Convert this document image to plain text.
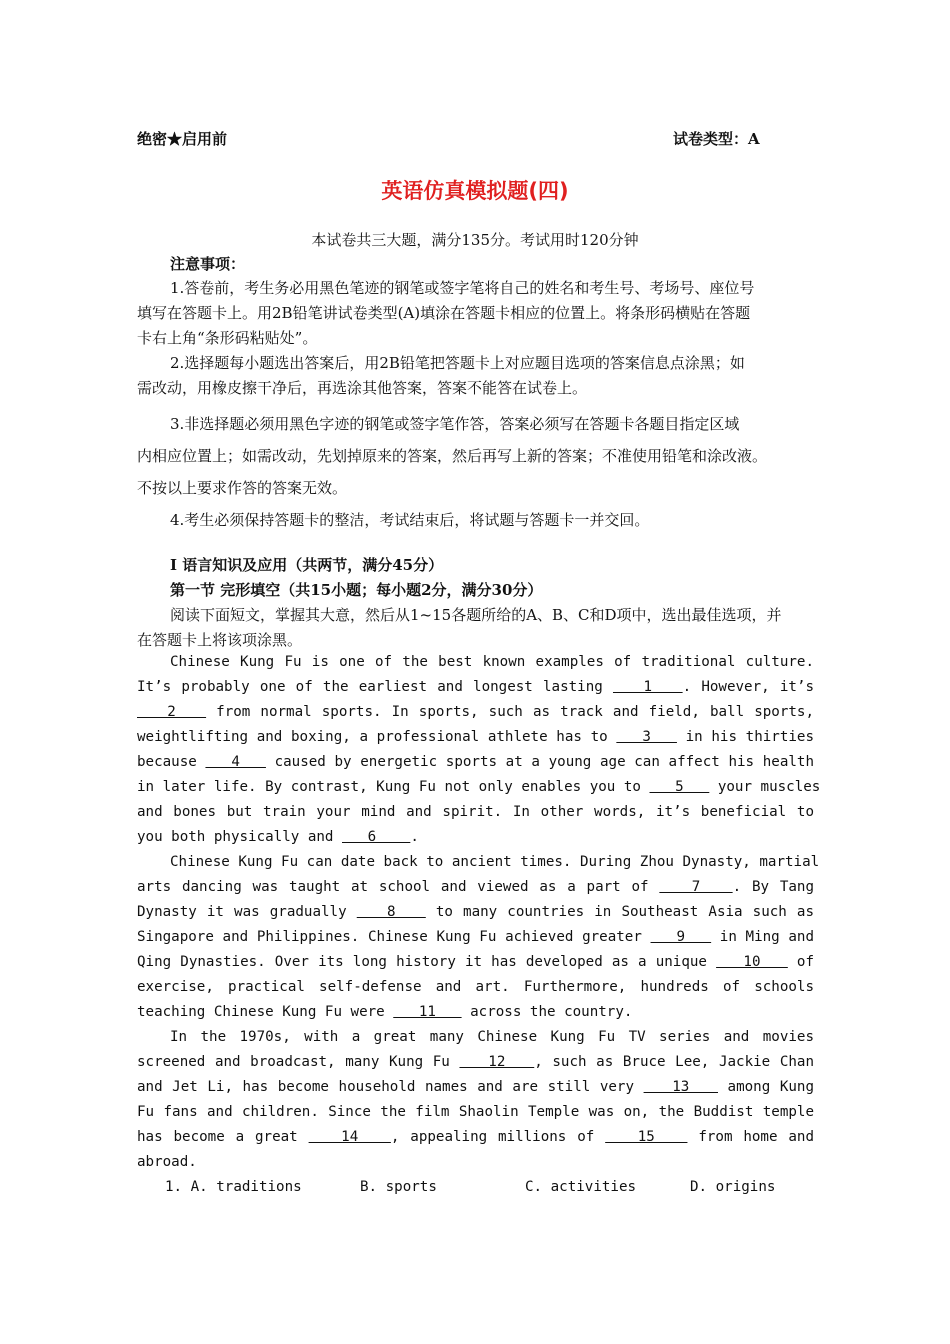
绝密★启用前	试卷类型：A
英语仿真模拟题(四)
本试卷共三大题，满分135分。考试用时120分钟
注意事项：
1.答卷前，考生务必用黑色笔迹的钢笔或签字笔将自己的姓名和考生号、考场号、座位号
填写在答题卡上。用2B铅笔讲试卷类型(A)填涂在答题卡相应的位置上。将条形码横贴在答题
卡右上角“条形码粘贴处”。
2.选择题每小题选出答案后，用2B铅笔把答题卡上对应题目选项的答案信息点涂黑；如
需改动，用橡皮擦干净后，再选涂其他答案，答案不能答在试卷上。
3.非选择题必须用黑色字迹的钢笔或签字笔作答，答案必须写在答题卡各题目指定区域
内相应位置上；如需改动，先划掉原来的答案，然后再写上新的答案；不准使用铅笔和涂改液。
不按以上要求作答的答案无效。
4.考生必须保持答题卡的整洁，考试结束后，将试题与答题卡一并交回。
I 语言知识及应用（共两节，满分45分）
第一节 完形填空（共15小题；每小题2分，满分30分）
阅读下面短文，掌握其大意，然后从1~15各题所给的A、B、C和D项中，选出最佳选项，并
在答题卡上将该项涂黑。
Chinese Kung Fu is one of the best known examples of traditional culture.
It’s probably one of the earliest and longest lasting    1   . However, it’s
2    from normal sports. In sports, such as track and field, ball sports,
weightlifting and boxing, a professional athlete has to    3    in his thirties
because    4    caused by energetic sports at a young age can affect his health
in later life. By contrast, Kung Fu not only enables you to    5    your muscles
and bones but train your mind and spirit. In other words, it’s beneficial to
you both physically and    6    .
Chinese Kung Fu can date back to ancient times. During Zhou Dynasty, martial
arts dancing was taught at school and viewed as a part of    7   . By Tang
Dynasty it was gradually    8    to many countries in Southeast Asia such as
Singapore and Philippines. Chinese Kung Fu achieved greater    9    in Ming and
Qing Dynasties. Over its long history it has developed as a unique    10    of
exercise, practical self-defense and art. Furthermore, hundreds of schools
teaching Chinese Kung Fu were    11    across the country.
In the 1970s, with a great many Chinese Kung Fu TV series and movies
screened and broadcast, many Kung Fu    12   , such as Bruce Lee, Jackie Chan
and Jet Li, has become household names and are still very    13    among Kung
Fu fans and children. Since the film Shaolin Temple was on, the Buddist temple
has become a great    14   , appealing millions of    15    from home and
abroad.
1. A. traditions	B. sports	C. activities	D. origins
